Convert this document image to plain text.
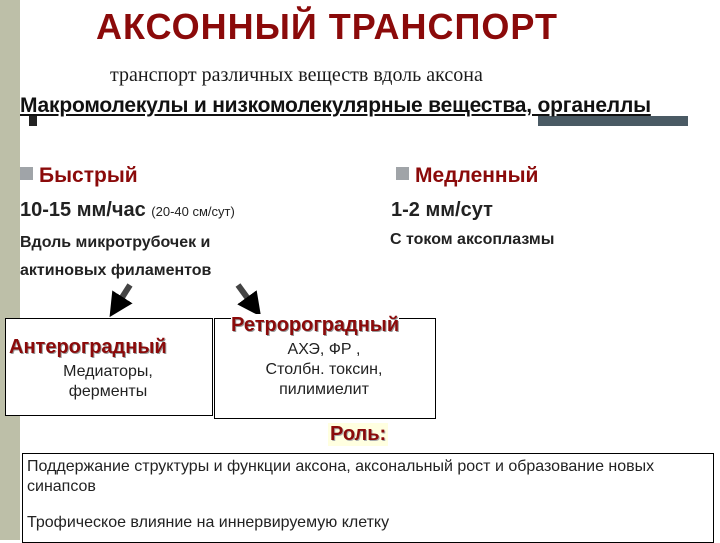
АКСОННЫЙ ТРАНСПОРТ
транспорт различных веществ вдоль аксона
Макромолекулы и низкомолекулярные вещества, органеллы
Быстрый
10-15 мм/час (20-40 см/сут)
Вдоль микротрубочек и
актиновых филаментов
Медленный
1-2 мм/сут
С током аксоплазмы
Антероградный
Медиаторы,
ферменты
Ретророградный
АХЭ, ФР ,
Столбн. токсин,
пилимиелит
Роль:

Поддержание структуры и функции аксона, аксональный рост и образование новых синапсов

Трофическое влияние на иннервируемую клетку
